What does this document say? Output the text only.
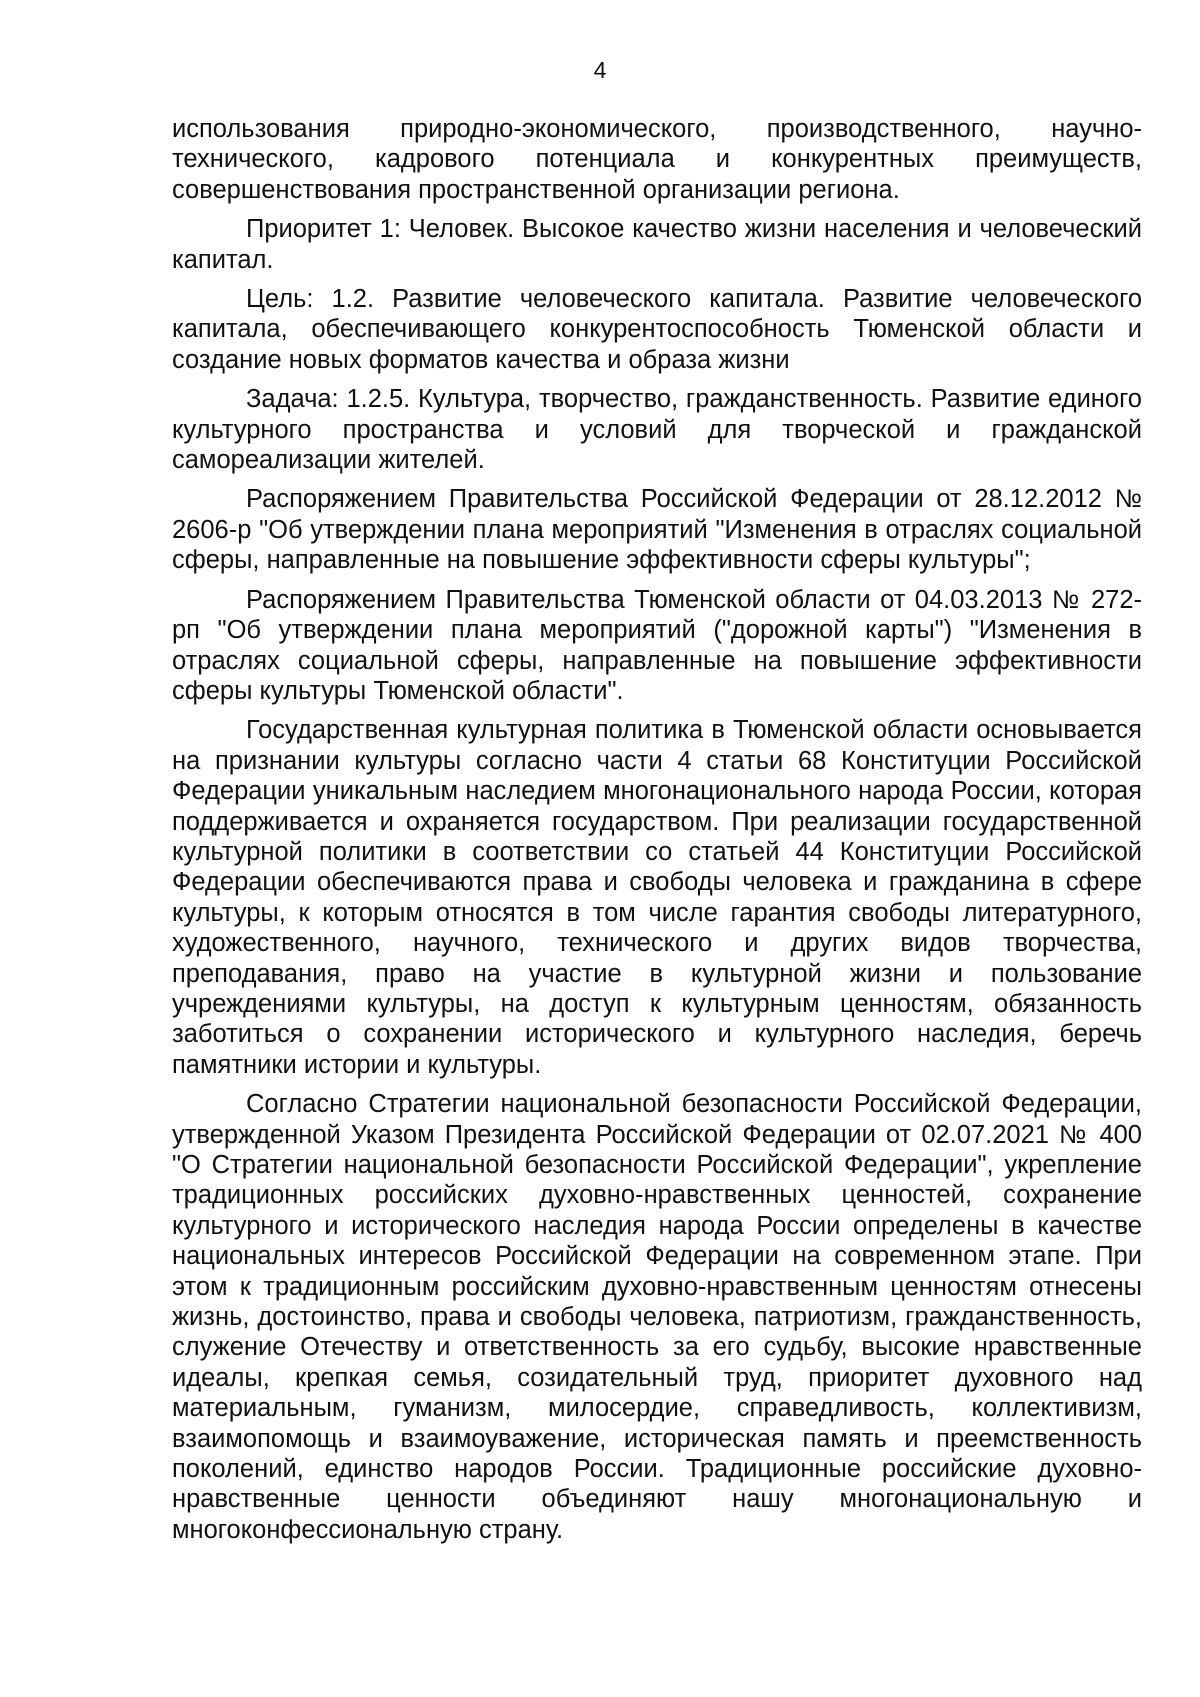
4

использования природно-экономического, производственного, научно-технического, кадрового потенциала и конкурентных преимуществ, совершенствования пространственной организации региона.

Приоритет 1: Человек. Высокое качество жизни населения и человеческий капитал.

Цель: 1.2. Развитие человеческого капитала. Развитие человеческого капитала, обеспечивающего конкурентоспособность Тюменской области и создание новых форматов качества и образа жизни

Задача: 1.2.5. Культура, творчество, гражданственность. Развитие единого культурного пространства и условий для творческой и гражданской самореализации жителей.

Распоряжением Правительства Российской Федерации от 28.12.2012 № 2606-р "Об утверждении плана мероприятий "Изменения в отраслях социальной сферы, направленные на повышение эффективности сферы культуры";

Распоряжением Правительства Тюменской области от 04.03.2013 № 272-рп "Об утверждении плана мероприятий ("дорожной карты") "Изменения в отраслях социальной сферы, направленные на повышение эффективности сферы культуры Тюменской области".

Государственная культурная политика в Тюменской области основывается на признании культуры согласно части 4 статьи 68 Конституции Российской Федерации уникальным наследием многонационального народа России, которая поддерживается и охраняется государством. При реализации государственной культурной политики в соответствии со статьей 44 Конституции Российской Федерации обеспечиваются права и свободы человека и гражданина в сфере культуры, к которым относятся в том числе гарантия свободы литературного, художественного, научного, технического и других видов творчества, преподавания, право на участие в культурной жизни и пользование учреждениями культуры, на доступ к культурным ценностям, обязанность заботиться о сохранении исторического и культурного наследия, беречь памятники истории и культуры.

Согласно Стратегии национальной безопасности Российской Федерации, утвержденной Указом Президента Российской Федерации от 02.07.2021 № 400 "О Стратегии национальной безопасности Российской Федерации", укрепление традиционных российских духовно-нравственных ценностей, сохранение культурного и исторического наследия народа России определены в качестве национальных интересов Российской Федерации на современном этапе. При этом к традиционным российским духовно-нравственным ценностям отнесены жизнь, достоинство, права и свободы человека, патриотизм, гражданственность, служение Отечеству и ответственность за его судьбу, высокие нравственные идеалы, крепкая семья, созидательный труд, приоритет духовного над материальным, гуманизм, милосердие, справедливость, коллективизм, взаимопомощь и взаимоуважение, историческая память и преемственность поколений, единство народов России. Традиционные российские духовно-нравственные ценности объединяют нашу многонациональную и многоконфессиональную страну.
